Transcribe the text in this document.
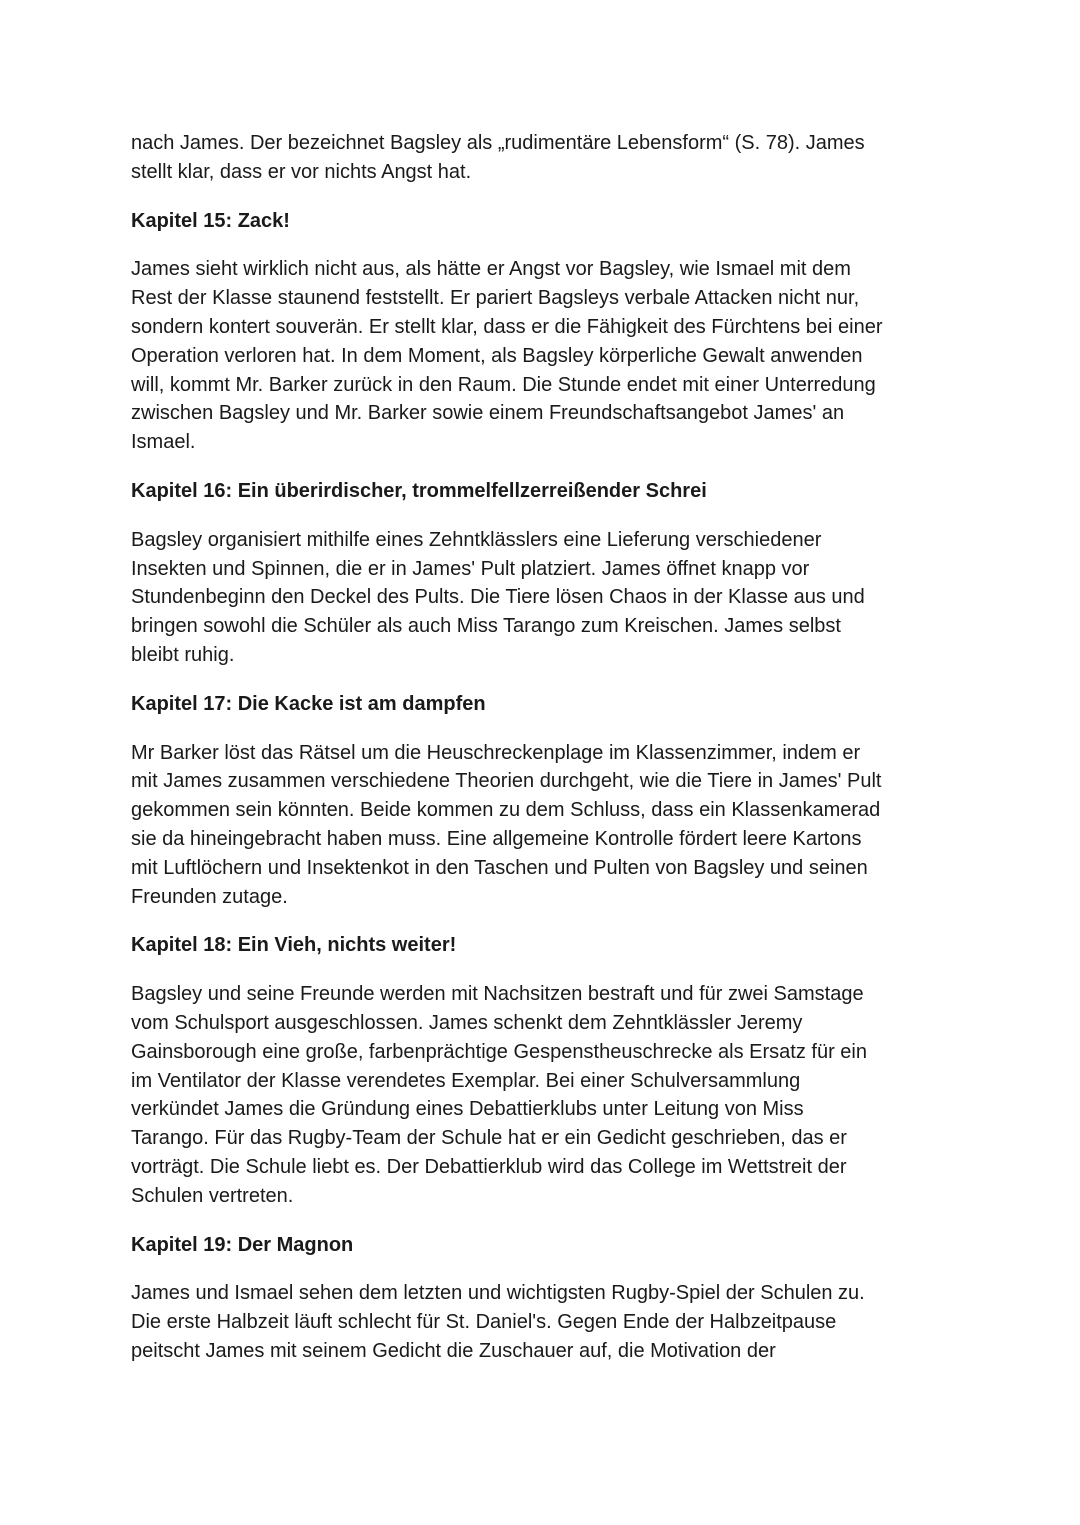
nach James. Der bezeichnet Bagsley als „rudimentäre Lebensform“ (S. 78). James
stellt klar, dass er vor nichts Angst hat.

Kapitel 15: Zack!

James sieht wirklich nicht aus, als hätte er Angst vor Bagsley, wie Ismael mit dem
Rest der Klasse staunend feststellt. Er pariert Bagsleys verbale Attacken nicht nur,
sondern kontert souverän. Er stellt klar, dass er die Fähigkeit des Fürchtens bei einer
Operation verloren hat. In dem Moment, als Bagsley körperliche Gewalt anwenden
will, kommt Mr. Barker zurück in den Raum. Die Stunde endet mit einer Unterredung
zwischen Bagsley und Mr. Barker sowie einem Freundschaftsangebot James' an
Ismael.

Kapitel 16: Ein überirdischer, trommelfellzerreißender Schrei

Bagsley organisiert mithilfe eines Zehntklässlers eine Lieferung verschiedener
Insekten und Spinnen, die er in James' Pult platziert. James öffnet knapp vor
Stundenbeginn den Deckel des Pults. Die Tiere lösen Chaos in der Klasse aus und
bringen sowohl die Schüler als auch Miss Tarango zum Kreischen. James selbst
bleibt ruhig.

Kapitel 17: Die Kacke ist am dampfen

Mr Barker löst das Rätsel um die Heuschreckenplage im Klassenzimmer, indem er
mit James zusammen verschiedene Theorien durchgeht, wie die Tiere in James' Pult
gekommen sein könnten. Beide kommen zu dem Schluss, dass ein Klassenkamerad
sie da hineingebracht haben muss. Eine allgemeine Kontrolle fördert leere Kartons
mit Luftlöchern und Insektenkot in den Taschen und Pulten von Bagsley und seinen
Freunden zutage.

Kapitel 18: Ein Vieh, nichts weiter!

Bagsley und seine Freunde werden mit Nachsitzen bestraft und für zwei Samstage
vom Schulsport ausgeschlossen. James schenkt dem Zehntklässler Jeremy
Gainsborough eine große, farbenprächtige Gespenstheuschrecke als Ersatz für ein
im Ventilator der Klasse verendetes Exemplar. Bei einer Schulversammlung
verkündet James die Gründung eines Debattierklubs unter Leitung von Miss
Tarango. Für das Rugby-Team der Schule hat er ein Gedicht geschrieben, das er
vorträgt. Die Schule liebt es. Der Debattierklub wird das College im Wettstreit der
Schulen vertreten.

Kapitel 19: Der Magnon

James und Ismael sehen dem letzten und wichtigsten Rugby-Spiel der Schulen zu.
Die erste Halbzeit läuft schlecht für St. Daniel's. Gegen Ende der Halbzeitpause
peitscht James mit seinem Gedicht die Zuschauer auf, die Motivation der
